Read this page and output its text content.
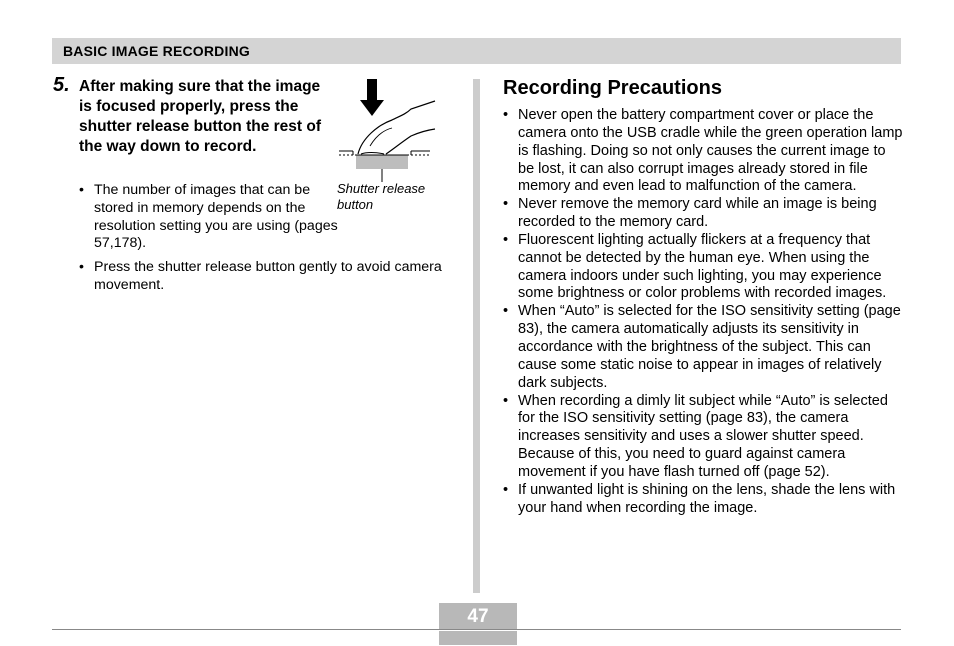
BASIC IMAGE RECORDING
5. After making sure that the image is focused properly, press the shutter release button the rest of the way down to record.
• The number of images that can be stored in memory depends on the resolution setting you are using (pages 57,178).
• Press the shutter release button gently to avoid camera movement.
Shutter release button
Recording Precautions
• Never open the battery compartment cover or place the camera onto the USB cradle while the green operation lamp is flashing. Doing so not only causes the current image to be lost, it can also corrupt images already stored in file memory and even lead to malfunction of the camera.
• Never remove the memory card while an image is being recorded to the memory card.
• Fluorescent lighting actually flickers at a frequency that cannot be detected by the human eye. When using the camera indoors under such lighting, you may experience some brightness or color problems with recorded images.
• When “Auto” is selected for the ISO sensitivity setting (page 83), the camera automatically adjusts its sensitivity in accordance with the brightness of the subject. This can cause some static noise to appear in images of relatively dark subjects.
• When recording a dimly lit subject while “Auto” is selected for the ISO sensitivity setting (page 83), the camera increases sensitivity and uses a slower shutter speed. Because of this, you need to guard against camera movement if you have flash turned off (page 52).
• If unwanted light is shining on the lens, shade the lens with your hand when recording the image.
47
